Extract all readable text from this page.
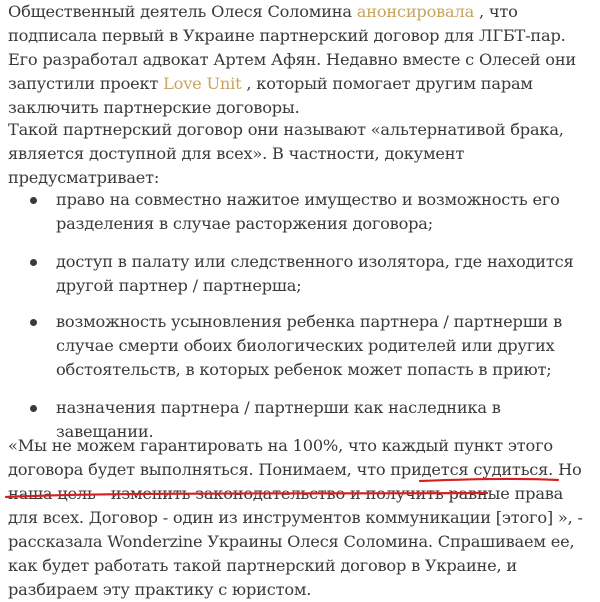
Общественный деятель Олеся Соломина анонсировала , что подписала первый в Украине партнерский договор для ЛГБТ-пар. Его разработал адвокат Артем Афян. Недавно вместе с Олесей они запустили проект Love Unit , который помогает другим парам заключить партнерские договоры.

Такой партнерский договор они называют «альтернативой брака, является доступной для всех». В частности, документ предусматривает:

право на совместно нажитое имущество и возможность его разделения в случае расторжения договора;
доступ в палату или следственного изолятора, где находится другой партнер / партнерша;
возможность усыновления ребенка партнера / партнерши в случае смерти обоих биологических родителей или других обстоятельств, в которых ребенок может попасть в приют;
назначения партнера / партнерши как наследника в завещании.

«Мы не можем гарантировать на 100%, что каждый пункт этого договора будет выполняться. Понимаем, что придется судиться. Но наша цель - изменить законодательство и получить равные права для всех. Договор - один из инструментов коммуникации [этого] », - рассказала Wonderzine Украины Олеся Соломина. Спрашиваем ее, как будет работать такой партнерский договор в Украине, и разбираем эту практику с юристом.
